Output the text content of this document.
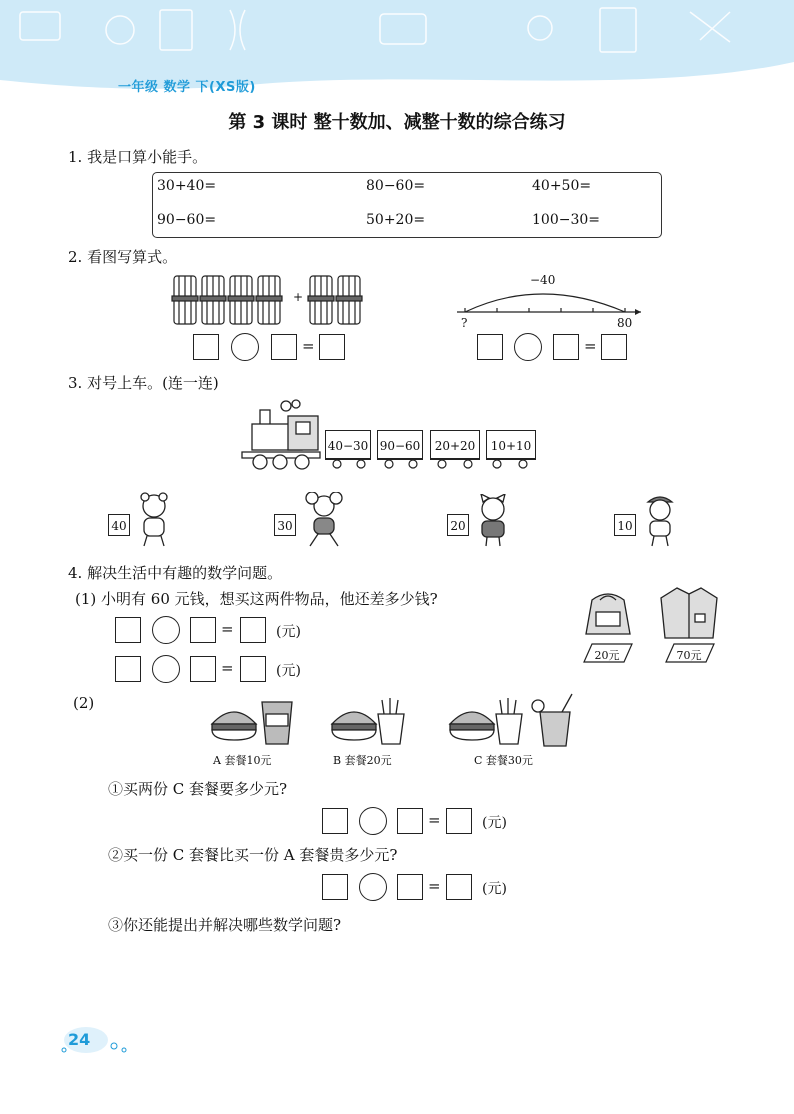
一年级 数学 下(XS版)
第 3 课时 整十数加、减整十数的综合练习
1. 我是口算小能手。
30+40=	80−60=	40+50=
90−60=	50+20=	100−30=
2. 看图写算式。
+
=
−40
?	80
=
3. 对号上车。(连一连)
40−30 90−60	20+20	10+10
40	30	20	10
4. 解决生活中有趣的数学问题。
(1) 小明有 60 元钱，想买这两件物品，他还差多少钱?
=	(元)
=	(元)
20元	70元
(2)
A 套餐10元	B 套餐20元	C 套餐30元
①买两份 C 套餐要多少元?
=	(元)
②买一份 C 套餐比买一份 A 套餐贵多少元?
=	(元)
③你还能提出并解决哪些数学问题?
24
